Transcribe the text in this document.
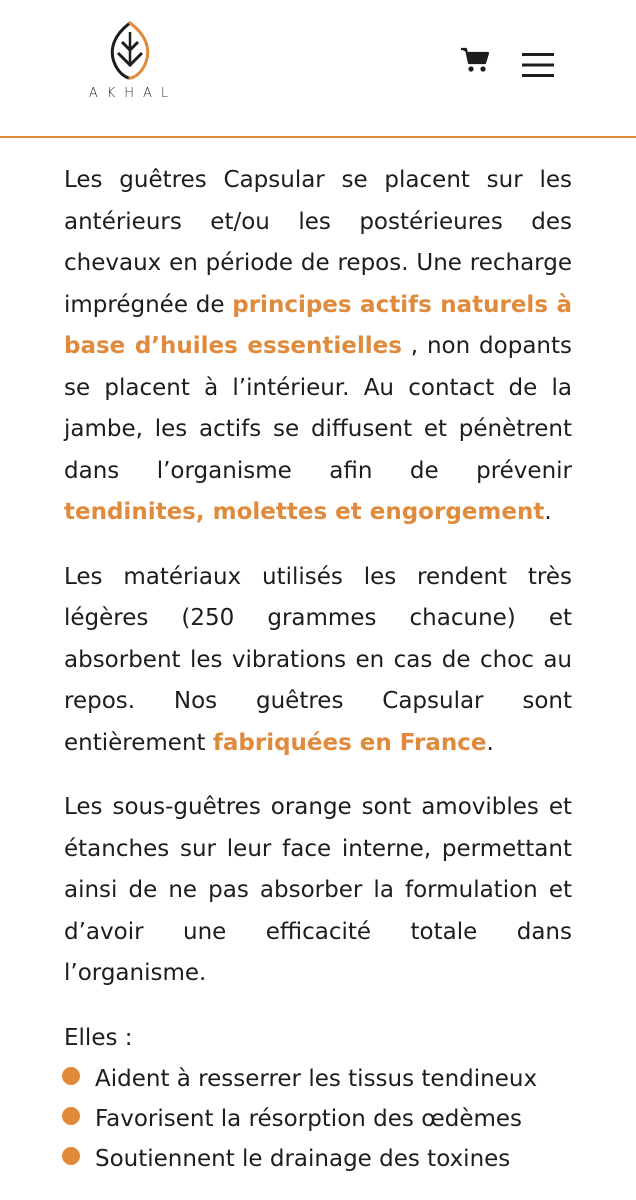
AKHAL

Les guêtres Capsular se placent sur les antérieurs et/ou les postérieures des chevaux en période de repos. Une recharge imprégnée de principes actifs naturels à base d’huiles essentielles , non dopants se placent à l’intérieur. Au contact de la jambe, les actifs se diffusent et pénètrent dans l’organisme afin de prévenir tendinites, molettes et engorgement.

Les matériaux utilisés les rendent très légères (250 grammes chacune) et absorbent les vibrations en cas de choc au repos. Nos guêtres Capsular sont entièrement fabriquées en France.

Les sous-guêtres orange sont amovibles et étanches sur leur face interne, permettant ainsi de ne pas absorber la formulation et d’avoir une efficacité totale dans l’organisme.

Elles :

Aident à resserrer les tissus tendineux
Favorisent la résorption des œdèmes
Soutiennent le drainage des toxines
